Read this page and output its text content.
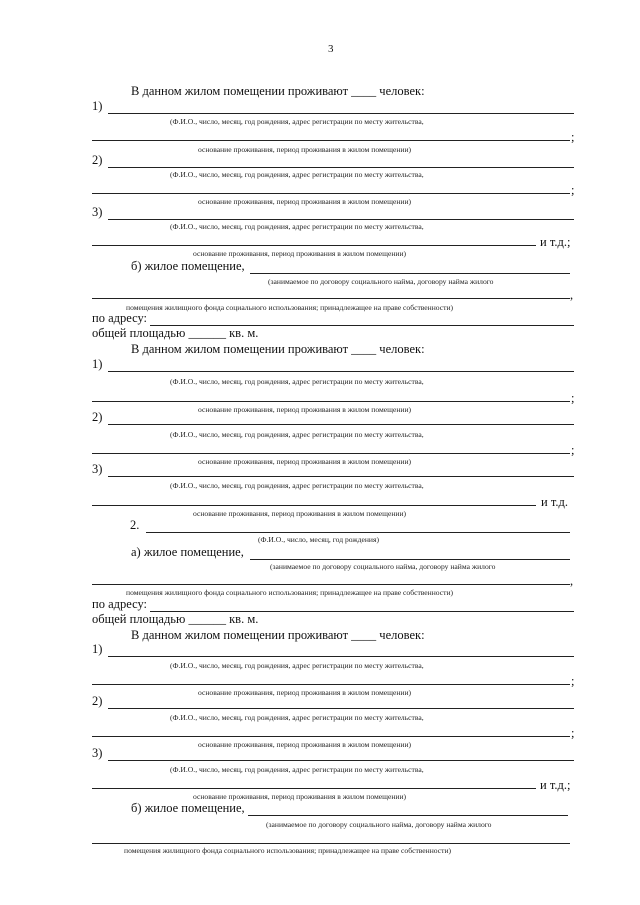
3
В данном жилом помещении проживают ____ человек:
1)
(Ф.И.О., число, месяц, год рождения, адрес регистрации по месту жительства,
;
основание проживания, период проживания в жилом помещении)
2)
(Ф.И.О., число, месяц, год рождения, адрес регистрации по месту жительства,
;
основание проживания, период проживания в жилом помещении)
3)
(Ф.И.О., число, месяц, год рождения, адрес регистрации по месту жительства,
и т.д.;
основание проживания, период проживания в жилом помещении)
б) жилое помещение,
(занимаемое по договору социального найма, договору найма жилого
,
помещения жилищного фонда социального использования; принадлежащее на праве собственности)
по адресу:
общей площадью ______ кв. м.
В данном жилом помещении проживают ____ человек:
1)
(Ф.И.О., число, месяц, год рождения, адрес регистрации по месту жительства,
;
основание проживания, период проживания в жилом помещении)
2)
(Ф.И.О., число, месяц, год рождения, адрес регистрации по месту жительства,
;
основание проживания, период проживания в жилом помещении)
3)
(Ф.И.О., число, месяц, год рождения, адрес регистрации по месту жительства,
и т.д.
основание проживания, период проживания в жилом помещении)
2.
(Ф.И.О., число, месяц, год рождения)
а) жилое помещение,
(занимаемое по договору социального найма, договору найма жилого
,
помещения жилищного фонда социального использования; принадлежащее на праве собственности)
по адресу:
общей площадью ______ кв. м.
В данном жилом помещении проживают ____ человек:
1)
(Ф.И.О., число, месяц, год рождения, адрес регистрации по месту жительства,
;
основание проживания, период проживания в жилом помещении)
2)
(Ф.И.О., число, месяц, год рождения, адрес регистрации по месту жительства,
;
основание проживания, период проживания в жилом помещении)
3)
(Ф.И.О., число, месяц, год рождения, адрес регистрации по месту жительства,
и т.д.;
основание проживания, период проживания в жилом помещении)
б) жилое помещение,
(занимаемое по договору социального найма, договору найма жилого
помещения жилищного фонда социального использования; принадлежащее на праве собственности)
